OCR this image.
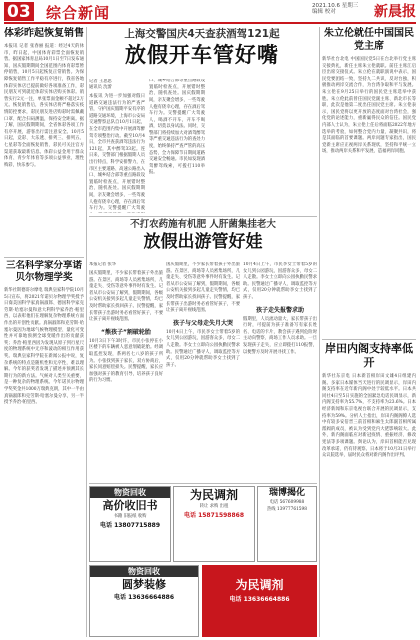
03 综合新闻	2021.10.6 星期三
编辑 校对	新晨报
体彩昨起恢复销售
本报讯 记者 张春丽 报道：经过4天的休市，昨日起，中国体育彩票全面恢复销售。据国家体育总局10月1日至7日发布通知，国庆假期期间全国范围内体育彩票暂停销售，10月5日起恢复正常销售。为保障恢复销售工作平稳有序进行，我省各地体彩实体店已提前做好各项准备工作，彩民朋友可到就近体彩实体店购买体彩。销售实行2元一注，单张票面金额不超过2万元。恢复销售后，各实体店将严格落实疫情防控要求，彩民朋友进店购彩时需佩戴口罩、配合扫码测温，保持安全距离。据了解，国庆假期期间，全省体彩各项工作有序开展，游客出行需注意安全。10月5日起，竞彩、大乐透、排列三、排列五、七星彩等全面恢复销售，彩民可关注官方渠道获取最新信息。体彩公益金用于群众体育、青少年体育等多项公益事业，理性购彩，快乐参与。
三名科学家分享诺贝尔物理学奖
新华社斯德哥尔摩电 瑞典皇家科学院10月5日宣布，将2021年诺贝尔物理学奖授予日裔美国科学家真锅淑郎、德国科学家克劳斯·哈塞尔曼和意大利科学家乔治·帕里西，以表彰他们在理解复杂物理系统方面作出的开创性贡献。真锅淑郎和克劳斯·哈塞尔曼因为地球气候物理模型、量化可变性并可靠地预测全球变暖作出的贡献获奖；乔治·帕里西因为发现从原子到行星尺度的物理系统中无序和波动的相互作用获奖。瑞典皇家科学院在新闻公报中说，复杂系统的特点是随机性和无序性，难以理解。今年的获奖者发现了描述并预测其长期行为的新方法。气候对人类至关重要，是一种复杂的物理系统。今年诺贝尔物理学奖奖金共1000万瑞典克朗，其中一半由真锅淑郎和克劳斯·哈塞尔曼分享，另一半授予乔治·帕里西。
上海交警国庆4天查获酒驾121起
放假开车管好嘴
记者 王思思
通讯员 沈蕾
本报讯 为进一步加强对假日道路交通违法行为的严查严管，守护国庆假期平安有序的道路交通环境，上海市公安局交通警察总队自10月1日起，在全市范围内集中开展酒驾醉驾专项整治行动。截至10月4日，全市共查获酒驾违法行为121起，其中醉驾33起。连日来，交警部门根据假期人员出行特点，科学安排警力，在市区主要道路、高速公路出入口、城乡结合部等重点路段设置临时检查点，开展错时整治、随机查处。国庆假期期间，亲友聚会增多，一些驾驶人抱有侥幸心理，存在酒后驾车行为。交警提醒广大驾驶
口、城乡结合部等重点路段设置临时检查点，开展错时整治、随机查处。国庆假期期间，亲友聚会增多，一些驾驶人抱有侥幸心理，存在酒后驾车行为。交警提醒广大驾驶人，喝酒不开车，开车不喝酒，切莫以身试法。同时，交警部门将持续加大对酒驾醉驾等严重交通违法行为的查处力度，始终保持严查严管的高压态势，全力保障节日期间道路交通安全畅通。市民如发现酒驾醉驾线索，可拨打110举报。
朱立伦就任中国国民党主席
新华社台北电 中国国民党5日在台北举行党主席交接典礼，新任主席朱立伦就职。前任主席江启臣出席交接仪式。朱立伦在就职演说中表示，国民党要团结一致，坚持九二共识、反对台独，积极推动两岸交流合作，为台湾争取和平与发展。朱立伦在9月25日举行的国民党主席选举中获胜。朱立伦此前曾任国民党副主席、新北市长等职，此次是他第二度出任国民党主席。朱立伦表示，国民党将以更开放的态度面对台湾社会，强化党的论述能力，重新赢得民众的信任。国民党内部人士认为，朱立伦上任后将面临2022年地方选举的考验，如何整合党内力量、凝聚共识，将是其面临的首要课题。两岸问题专家指出，国民党新主席应正视两岸关系现状，坚持和平统一立场，推动两岸关系和平发展，造福两岸同胞。
岸田内阁支持率低开
新华社东京电 日本新首相岸田文雄4日组建内阁。多家日本媒体当天进行的民调显示，岸田内阁支持率在近年新内阁中处于较低水平。日本共同社4日至5日实施的全国紧急电话民调显示，新内阁支持率为55.7%，不支持率为23.6%。日本经济新闻和东京电视台联合开展的民调显示，支持率为59%。分析人士指出，岸田内阁阁僚人选中有较多安倍晋三前首相和麻生太郎副首相所属派阀的成员，被认为受到党内大佬影响较大。此外，新内阁面临应对新冠疫情、重振经济、修改宪法等多项课题。舆论认为，岸田首相能否兑现改革承诺，仍有待观察。日本将于10月31日举行众议院选举，届时民众将对新内阁作出评判。
不打农药施有机肥 人肝菌集挂老大
放假出游管好娃
本报记者 张华
国庆假期里，不少家长带着孩子外出旅游。在景区、商场等人员密集场所，儿童走失、受伤等意外事件时有发生。记者从市公安局了解到，假期期间，各级公安机关接到多起儿童走失警情，均已及时帮助家长找回孩子。民警提醒，家长带孩子出游时务必看管好孩子，不要让孩子离开视线范围。
“熊孩子”割破轮胎
10月3日下午3时许，市民小张停在小区楼下的车辆被人恶意划破轮胎。经调取监控发现，系两名七八岁的孩子所为。小张找到孩子家长，双方协商后，家长同意赔偿损失。民警提醒，家长应加强对孩子的教育引导，培养孩子良好的行为习惯。
国庆假期里，不少家长带着孩子外出旅游。在景区、商场等人员密集场所，儿童走失、受伤等意外事件时有发生。记者从市公安局了解到，假期期间，各级公安机关接到多起儿童走失警情，均已及时帮助家长找回孩子。民警提醒，家长带孩子出游时务必看管好孩子，不要让孩子离开视线范围。
孩子与父母走失月大哭
10月4日上午，市民李女士带着5岁的女儿到公园游玩，因游客众多，母女二人走散。李女士立即向公园执勤民警求助。民警通过广播寻人、调取监控等方式，仅用20分钟就帮助李女士找到了孩子。
10月4日上午，市民李女士带着5岁的女儿到公园游玩，因游客众多，母女二人走散。李女士立即向公园执勤民警求助。民警通过广播寻人、调取监控等方式，仅用20分钟就帮助李女士找到了孩子。
孩子走失报警求助
假期里，人员流动量大，家长带孩子出行时，可提前为孩子准备写有家长姓名、电话的卡片，教会孩子遇到危险时主动向警察、商场工作人员求助。一旦发现孩子走失，应立即拨打110报警，以便警方及时开展寻找工作。
物资回收
高价收旧书
书籍 旧报纸 收购
电话 13807715889
为民调剂
转让 求购 出租
电话 15871598868
瑞博揭化
电话 567609988
热线 13977761598
物资回收
圆梦装修
电话 13636664886
为民调剂
电话 13636664886
